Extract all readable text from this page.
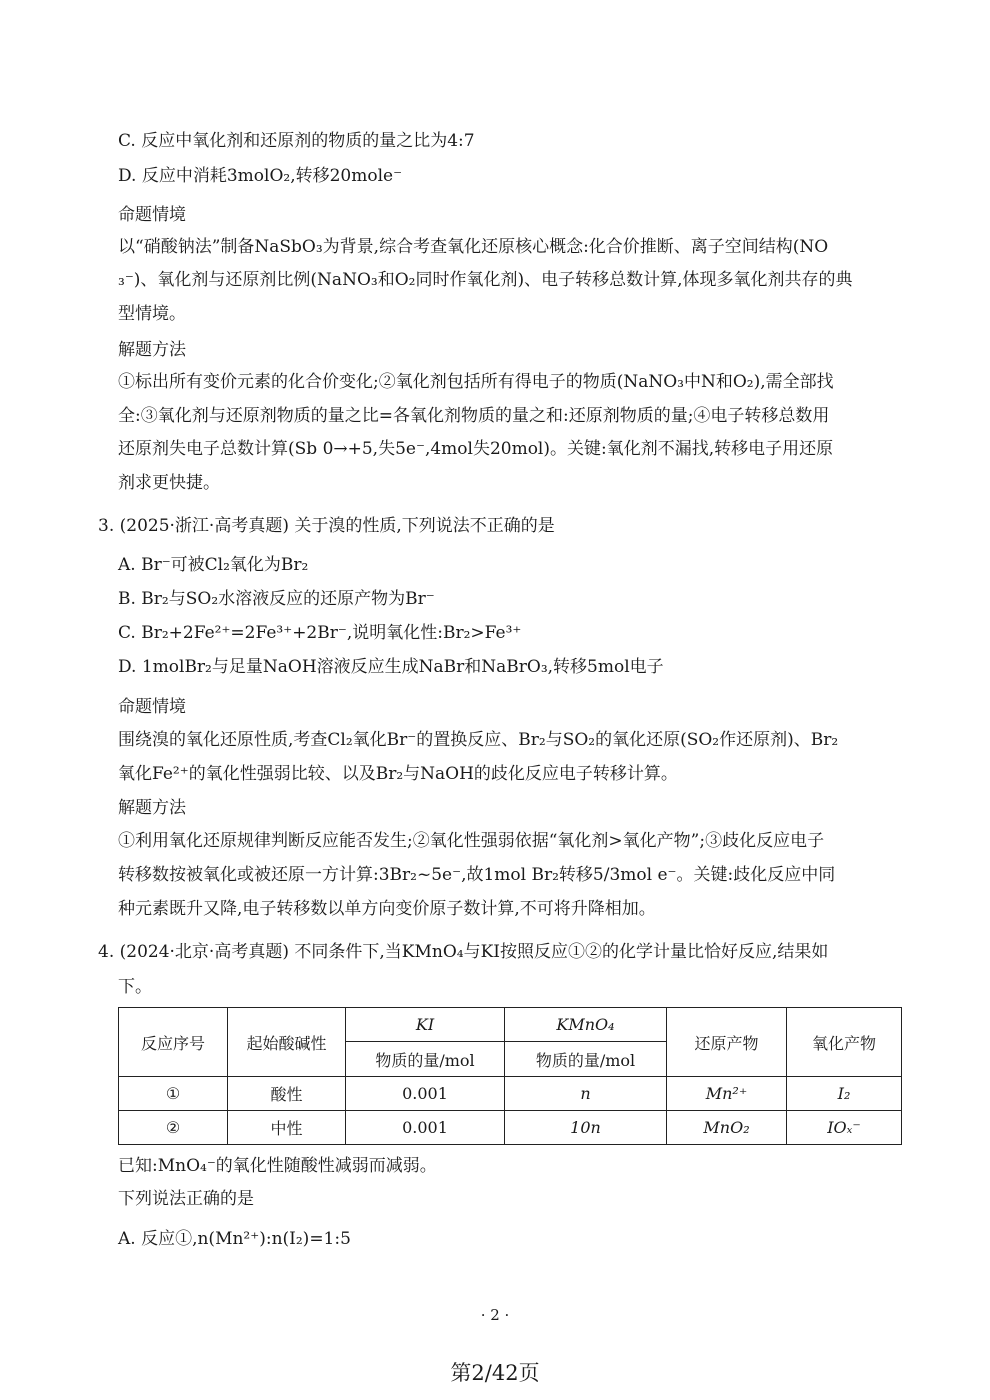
C. 反应中氧化剂和还原剂的物质的量之比为4:7
D. 反应中消耗3molO₂,转移20mole⁻
命题情境
以“硝酸钠法”制备NaSbO₃为背景,综合考查氧化还原核心概念:化合价推断、离子空间结构(NO
₃⁻)、氧化剂与还原剂比例(NaNO₃和O₂同时作氧化剂)、电子转移总数计算,体现多氧化剂共存的典
型情境。
解题方法
①标出所有变价元素的化合价变化;②氧化剂包括所有得电子的物质(NaNO₃中N和O₂),需全部找
全:③氧化剂与还原剂物质的量之比=各氧化剂物质的量之和:还原剂物质的量;④电子转移总数用
还原剂失电子总数计算(Sb 0→+5,失5e⁻,4mol失20mol)。关键:氧化剂不漏找,转移电子用还原
剂求更快捷。
3. (2025·浙江·高考真题) 关于溴的性质,下列说法不正确的是
A. Br⁻可被Cl₂氧化为Br₂
B. Br₂与SO₂水溶液反应的还原产物为Br⁻
C. Br₂+2Fe²⁺=2Fe³⁺+2Br⁻,说明氧化性:Br₂>Fe³⁺
D. 1molBr₂与足量NaOH溶液反应生成NaBr和NaBrO₃,转移5mol电子
命题情境
围绕溴的氧化还原性质,考查Cl₂氧化Br⁻的置换反应、Br₂与SO₂的氧化还原(SO₂作还原剂)、Br₂
氧化Fe²⁺的氧化性强弱比较、以及Br₂与NaOH的歧化反应电子转移计算。
解题方法
①利用氧化还原规律判断反应能否发生;②氧化性强弱依据“氧化剂>氧化产物”;③歧化反应电子
转移数按被氧化或被还原一方计算:3Br₂~5e⁻,故1mol Br₂转移5/3mol e⁻。关键:歧化反应中同
种元素既升又降,电子转移数以单方向变价原子数计算,不可将升降相加。
4. (2024·北京·高考真题) 不同条件下,当KMnO₄与KI按照反应①②的化学计量比恰好反应,结果如
下。
反应序号	起始酸碱性	KI	KMnO₄	还原产物	氧化产物
		物质的量/mol	物质的量/mol		
①	酸性	0.001	n	Mn²⁺	I₂
②	中性	0.001	10n	MnO₂	IOₓ⁻
已知:MnO₄⁻的氧化性随酸性减弱而减弱。
下列说法正确的是
A. 反应①,n(Mn²⁺):n(I₂)=1:5
· 2 ·
第2/42页
